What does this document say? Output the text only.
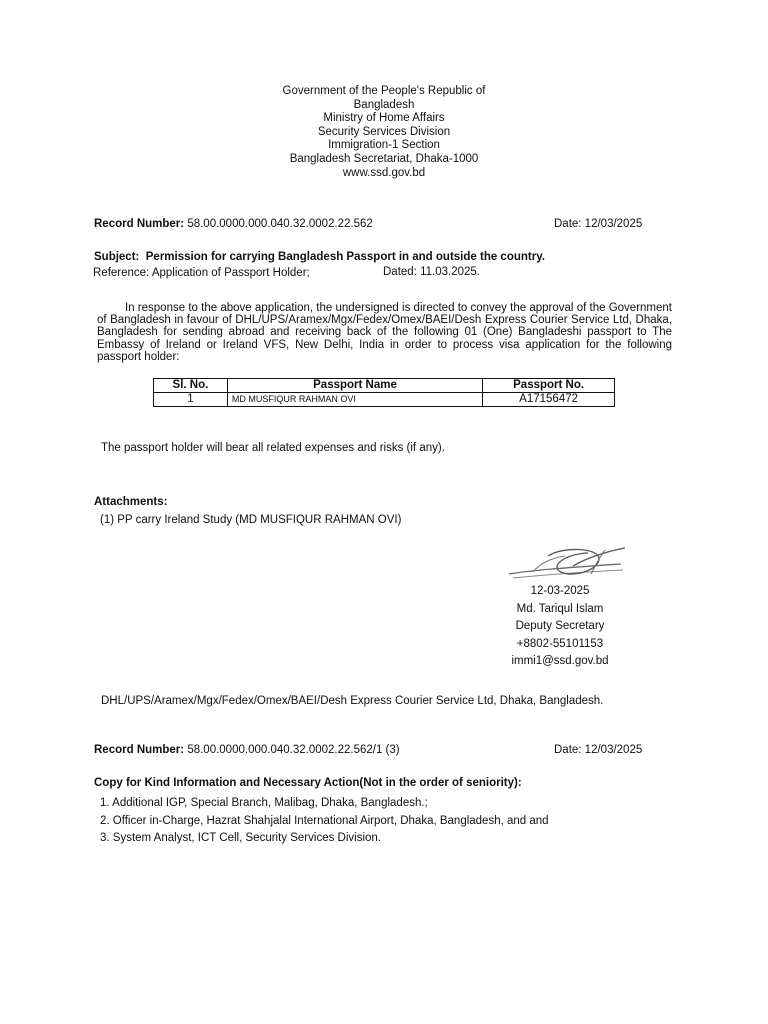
Government of the People's Republic of
Bangladesh
Ministry of Home Affairs
Security Services Division
Immigration-1 Section
Bangladesh Secretariat, Dhaka-1000
www.ssd.gov.bd
Record Number: 58.00.0000.000.040.32.0002.22.562	Date: 12/03/2025
Subject: Permission for carrying Bangladesh Passport in and outside the country.
Reference: Application of Passport Holder;	Dated: 11.03.2025.
In response to the above application, the undersigned is directed to convey the approval of the Government of Bangladesh in favour of DHL/UPS/Aramex/Mgx/Fedex/Omex/BAEI/Desh Express Courier Service Ltd, Dhaka, Bangladesh for sending abroad and receiving back of the following 01 (One) Bangladeshi passport to The Embassy of Ireland or Ireland VFS, New Delhi, India in order to process visa application for the following passport holder:
Sl. No.	Passport Name	Passport No.
1	MD MUSFIQUR RAHMAN OVI	A17156472
The passport holder will bear all related expenses and risks (if any).
Attachments:
(1) PP carry Ireland Study (MD MUSFIQUR RAHMAN OVI)
12-03-2025
Md. Tariqul Islam
Deputy Secretary
+8802-55101153
immi1@ssd.gov.bd
DHL/UPS/Aramex/Mgx/Fedex/Omex/BAEI/Desh Express Courier Service Ltd, Dhaka, Bangladesh.
Record Number: 58.00.0000.000.040.32.0002.22.562/1 (3)	Date: 12/03/2025
Copy for Kind Information and Necessary Action(Not in the order of seniority):
1. Additional IGP, Special Branch, Malibag, Dhaka, Bangladesh.;
2. Officer in-Charge, Hazrat Shahjalal International Airport, Dhaka, Bangladesh, and and
3. System Analyst, ICT Cell, Security Services Division.
